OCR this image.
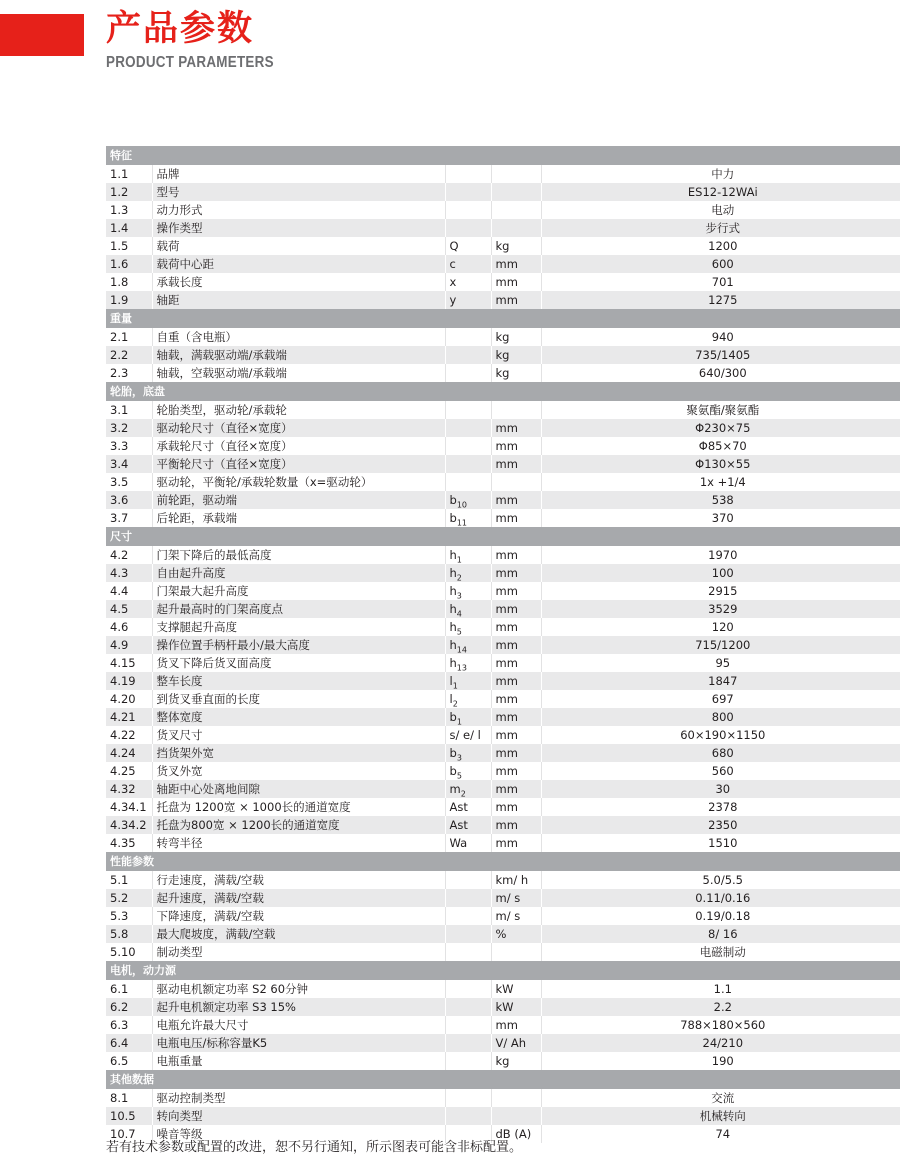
产品参数
PRODUCT PARAMETERS
特征				
1.1	品牌			中力
1.2	型号			ES12-12WAi
1.3	动力形式			电动
1.4	操作类型			步行式
1.5	载荷	Q	kg	1200
1.6	载荷中心距	c	mm	600
1.8	承载长度	x	mm	701
1.9	轴距	y	mm	1275
重量				
2.1	自重（含电瓶）		kg	940
2.2	轴载，满载驱动端/承载端		kg	735/1405
2.3	轴载，空载驱动端/承载端		kg	640/300
轮胎，底盘				
3.1	轮胎类型，驱动轮/承载轮			聚氨酯/聚氨酯
3.2	驱动轮尺寸（直径×宽度）		mm	Φ230×75
3.3	承载轮尺寸（直径×宽度）		mm	Φ85×70
3.4	平衡轮尺寸（直径×宽度）		mm	Φ130×55
3.5	驱动轮，平衡轮/承载轮数量（x=驱动轮）			1x +1/4
3.6	前轮距，驱动端	$b_{10}$	mm	538
3.7	后轮距，承载端	$b_{11}$	mm	370
尺寸				
4.2	门架下降后的最低高度	$h_1$	mm	1970
4.3	自由起升高度	$h_2$	mm	100
4.4	门架最大起升高度	$h_3$	mm	2915
4.5	起升最高时的门架高度点	$h_4$	mm	3529
4.6	支撑腿起升高度	$h_5$	mm	120
4.9	操作位置手柄杆最小/最大高度	$h_{14}$	mm	715/1200
4.15	货叉下降后货叉面高度	$h_{13}$	mm	95
4.19	整车长度	$l_1$	mm	1847
4.20	到货叉垂直面的长度	$l_2$	mm	697
4.21	整体宽度	$b_1$	mm	800
4.22	货叉尺寸	s/ e/ l	mm	60×190×1150
4.24	挡货架外宽	$b_3$	mm	680
4.25	货叉外宽	$b_5$	mm	560
4.32	轴距中心处离地间隙	$m_2$	mm	30
4.34.1	托盘为 1200宽 × 1000长的通道宽度	Ast	mm	2378
4.34.2	托盘为800宽 × 1200长的通道宽度	Ast	mm	2350
4.35	转弯半径	Wa	mm	1510
性能参数				
5.1	行走速度，满载/空载		km/ h	5.0/5.5
5.2	起升速度，满载/空载		m/ s	0.11/0.16
5.3	下降速度，满载/空载		m/ s	0.19/0.18
5.8	最大爬坡度，满载/空载		%	8/ 16
5.10	制动类型			电磁制动
电机，动力源				
6.1	驱动电机额定功率 S2 60分钟		kW	1.1
6.2	起升电机额定功率 S3 15%		kW	2.2
6.3	电瓶允许最大尺寸		mm	788×180×560
6.4	电瓶电压/标称容量K5		V/ Ah	24/210
6.5	电瓶重量		kg	190
其他数据				
8.1	驱动控制类型			交流
10.5	转向类型			机械转向
10.7	噪音等级		dB (A)	74
若有技术参数或配置的改进，恕不另行通知，所示图表可能含非标配置。
